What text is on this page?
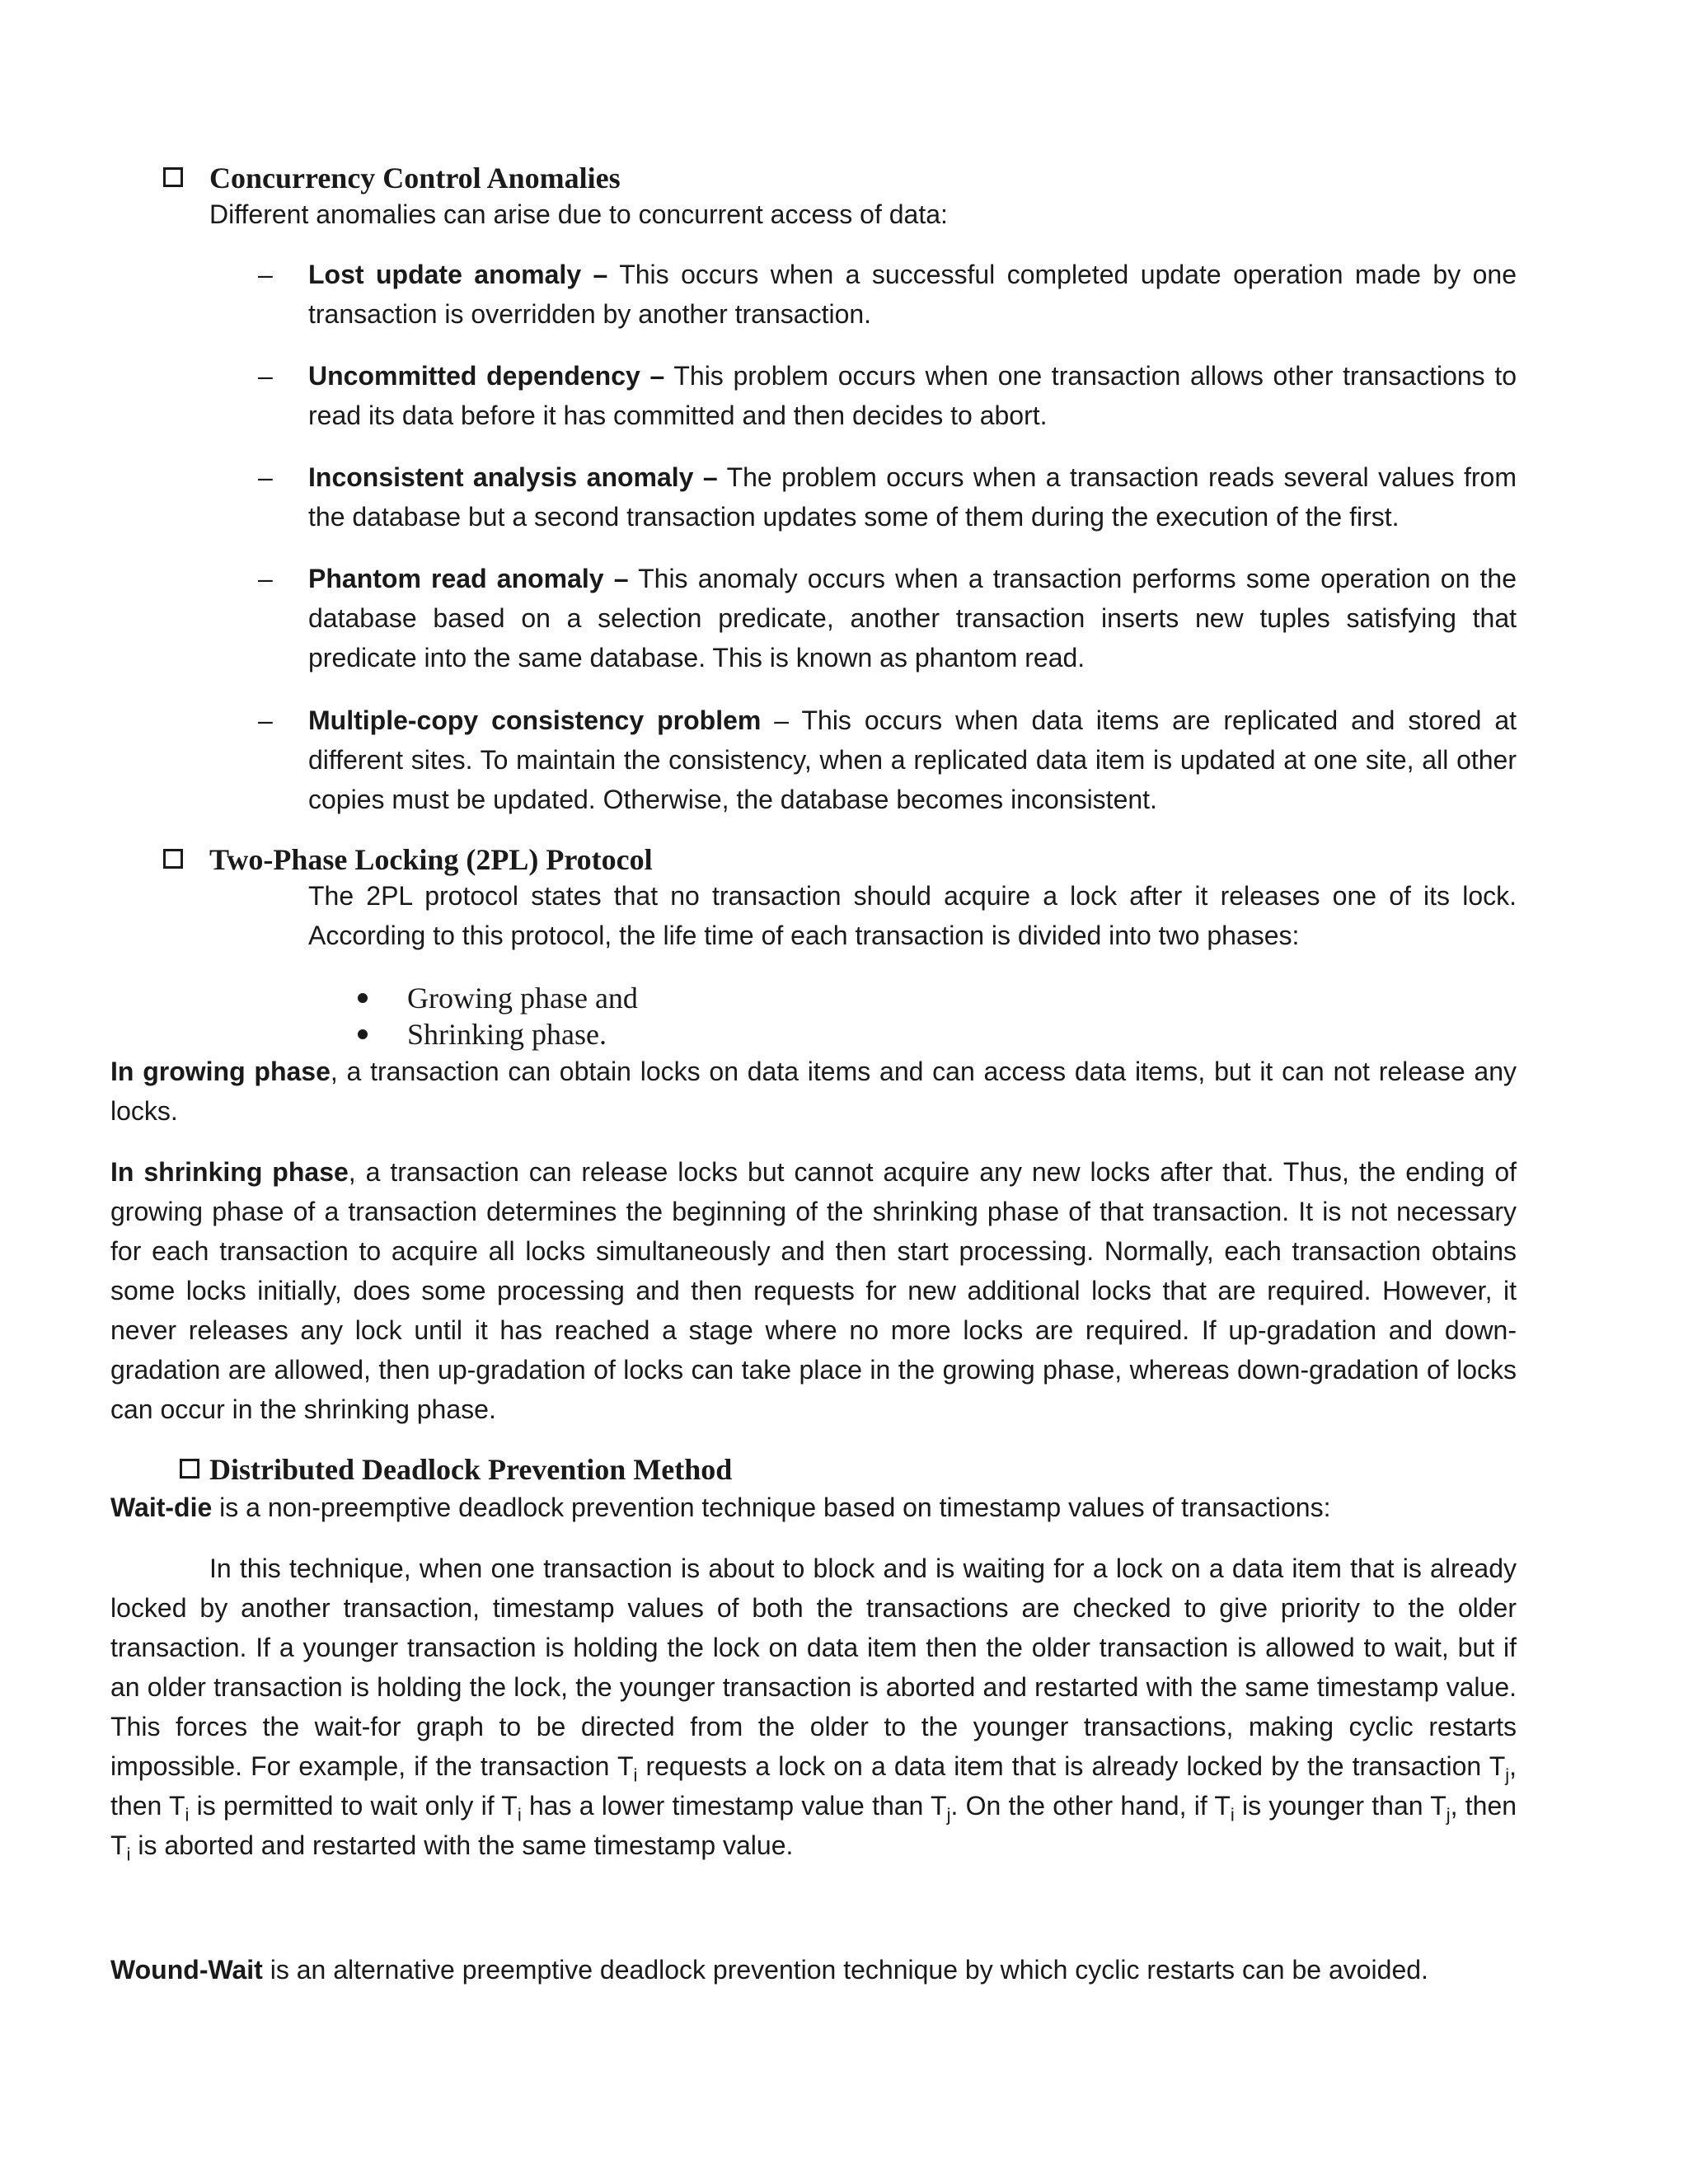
Concurrency Control Anomalies
Different anomalies can arise due to concurrent access of data:
– Lost update anomaly – This occurs when a successful completed update operation made by one transaction is overridden by another transaction.
– Uncommitted dependency – This problem occurs when one transaction allows other transactions to read its data before it has committed and then decides to abort.
– Inconsistent analysis anomaly – The problem occurs when a transaction reads several values from the database but a second transaction updates some of them during the execution of the first.
– Phantom read anomaly – This anomaly occurs when a transaction performs some operation on the database based on a selection predicate, another transaction inserts new tuples satisfying that predicate into the same database. This is known as phantom read.
– Multiple-copy consistency problem – This occurs when data items are replicated and stored at different sites. To maintain the consistency, when a replicated data item is updated at one site, all other copies must be updated. Otherwise, the database becomes inconsistent.
Two-Phase Locking (2PL) Protocol
The 2PL protocol states that no transaction should acquire a lock after it releases one of its lock. According to this protocol, the life time of each transaction is divided into two phases:
Growing phase and
Shrinking phase.
In growing phase, a transaction can obtain locks on data items and can access data items, but it can not release any locks.
In shrinking phase, a transaction can release locks but cannot acquire any new locks after that. Thus, the ending of growing phase of a transaction determines the beginning of the shrinking phase of that transaction. It is not necessary for each transaction to acquire all locks simultaneously and then start processing. Normally, each transaction obtains some locks initially, does some processing and then requests for new additional locks that are required. However, it never releases any lock until it has reached a stage where no more locks are required. If up-gradation and down-gradation are allowed, then up-gradation of locks can take place in the growing phase, whereas down-gradation of locks can occur in the shrinking phase.
Distributed Deadlock Prevention Method
Wait-die is a non-preemptive deadlock prevention technique based on timestamp values of transactions:
In this technique, when one transaction is about to block and is waiting for a lock on a data item that is already locked by another transaction, timestamp values of both the transactions are checked to give priority to the older transaction. If a younger transaction is holding the lock on data item then the older transaction is allowed to wait, but if an older transaction is holding the lock, the younger transaction is aborted and restarted with the same timestamp value. This forces the wait-for graph to be directed from the older to the younger transactions, making cyclic restarts impossible. For example, if the transaction $T_i$ requests a lock on a data item that is already locked by the transaction $T_j$, then $T_i$ is permitted to wait only if $T_i$ has a lower timestamp value than $T_j$. On the other hand, if $T_i$ is younger than $T_j$, then $T_i$ is aborted and restarted with the same timestamp value.
Wound-Wait is an alternative preemptive deadlock prevention technique by which cyclic restarts can be avoided.
